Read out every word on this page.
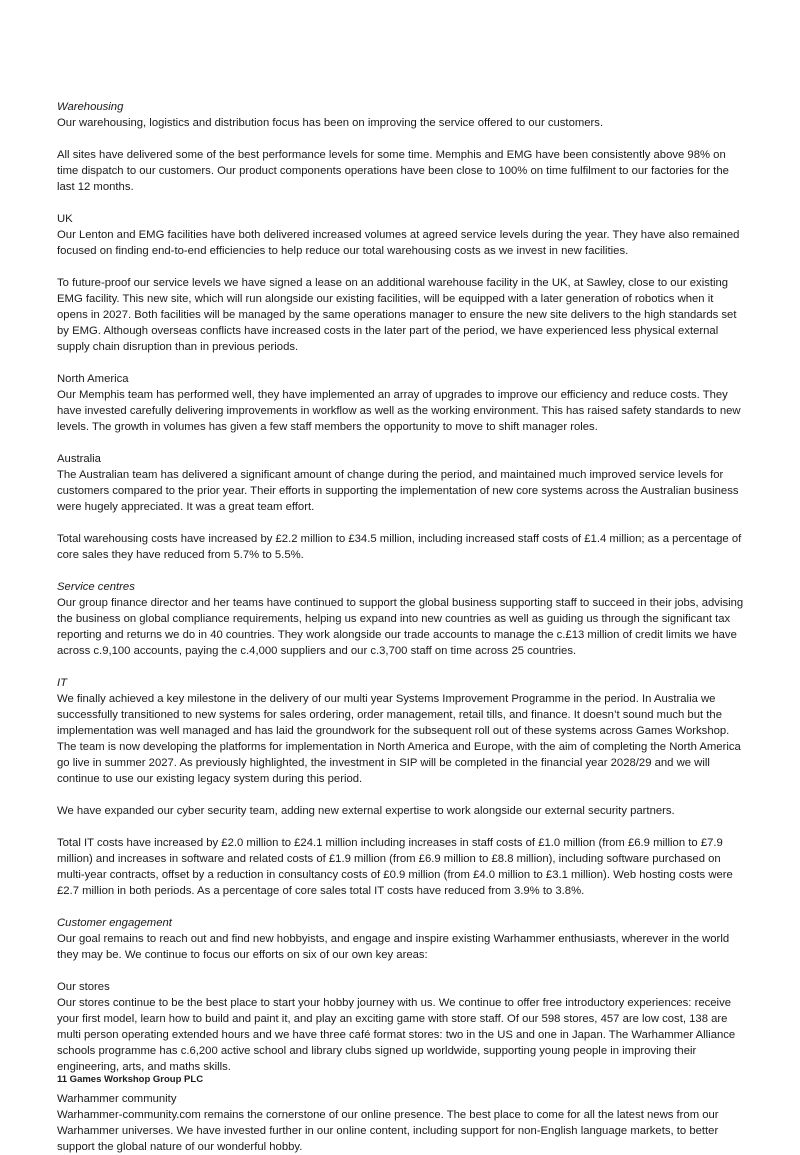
Warehousing

Our warehousing, logistics and distribution focus has been on improving the service offered to our customers.

All sites have delivered some of the best performance levels for some time. Memphis and EMG have been consistently above 98% on time dispatch to our customers. Our product components operations have been close to 100% on time fulfilment to our factories for the last 12 months.

UK

Our Lenton and EMG facilities have both delivered increased volumes at agreed service levels during the year. They have also remained focused on finding end-to-end efficiencies to help reduce our total warehousing costs as we invest in new facilities.

To future-proof our service levels we have signed a lease on an additional warehouse facility in the UK, at Sawley, close to our existing EMG facility. This new site, which will run alongside our existing facilities, will be equipped with a later generation of robotics when it opens in 2027. Both facilities will be managed by the same operations manager to ensure the new site delivers to the high standards set by EMG. Although overseas conflicts have increased costs in the later part of the period, we have experienced less physical external supply chain disruption than in previous periods.

North America

Our Memphis team has performed well, they have implemented an array of upgrades to improve our efficiency and reduce costs. They have invested carefully delivering improvements in workflow as well as the working environment. This has raised safety standards to new levels. The growth in volumes has given a few staff members the opportunity to move to shift manager roles.

Australia

The Australian team has delivered a significant amount of change during the period, and maintained much improved service levels for customers compared to the prior year. Their efforts in supporting the implementation of new core systems across the Australian business were hugely appreciated. It was a great team effort.

Total warehousing costs have increased by £2.2 million to £34.5 million, including increased staff costs of £1.4 million; as a percentage of core sales they have reduced from 5.7% to 5.5%.

Service centres

Our group finance director and her teams have continued to support the global business supporting staff to succeed in their jobs, advising the business on global compliance requirements, helping us expand into new countries as well as guiding us through the significant tax reporting and returns we do in 40 countries. They work alongside our trade accounts to manage the c.£13 million of credit limits we have across c.9,100 accounts, paying the c.4,000 suppliers and our c.3,700 staff on time across 25 countries.

IT

We finally achieved a key milestone in the delivery of our multi year Systems Improvement Programme in the period. In Australia we successfully transitioned to new systems for sales ordering, order management, retail tills, and finance. It doesn’t sound much but the implementation was well managed and has laid the groundwork for the subsequent roll out of these systems across Games Workshop. The team is now developing the platforms for implementation in North America and Europe, with the aim of completing the North America go live in summer 2027. As previously highlighted, the investment in SIP will be completed in the financial year 2028/29 and we will continue to use our existing legacy system during this period.

We have expanded our cyber security team, adding new external expertise to work alongside our external security partners.

Total IT costs have increased by £2.0 million to £24.1 million including increases in staff costs of £1.0 million (from £6.9 million to £7.9 million) and increases in software and related costs of £1.9 million (from £6.9 million to £8.8 million), including software purchased on multi-year contracts, offset by a reduction in consultancy costs of £0.9 million (from £4.0 million to £3.1 million). Web hosting costs were £2.7 million in both periods. As a percentage of core sales total IT costs have reduced from 3.9% to 3.8%.

Customer engagement

Our goal remains to reach out and find new hobbyists, and engage and inspire existing Warhammer enthusiasts, wherever in the world they may be. We continue to focus our efforts on six of our own key areas:

Our stores

Our stores continue to be the best place to start your hobby journey with us. We continue to offer free introductory experiences: receive your first model, learn how to build and paint it, and play an exciting game with store staff. Of our 598 stores, 457 are low cost, 138 are multi person operating extended hours and we have three café format stores: two in the US and one in Japan. The Warhammer Alliance schools programme has c.6,200 active school and library clubs signed up worldwide, supporting young people in improving their engineering, arts, and maths skills.

Warhammer community

Warhammer-community.com remains the cornerstone of our online presence. The best place to come for all the latest news from our Warhammer universes. We have invested further in our online content, including support for non-English language markets, to better support the global nature of our wonderful hobby.

11 Games Workshop Group PLC
